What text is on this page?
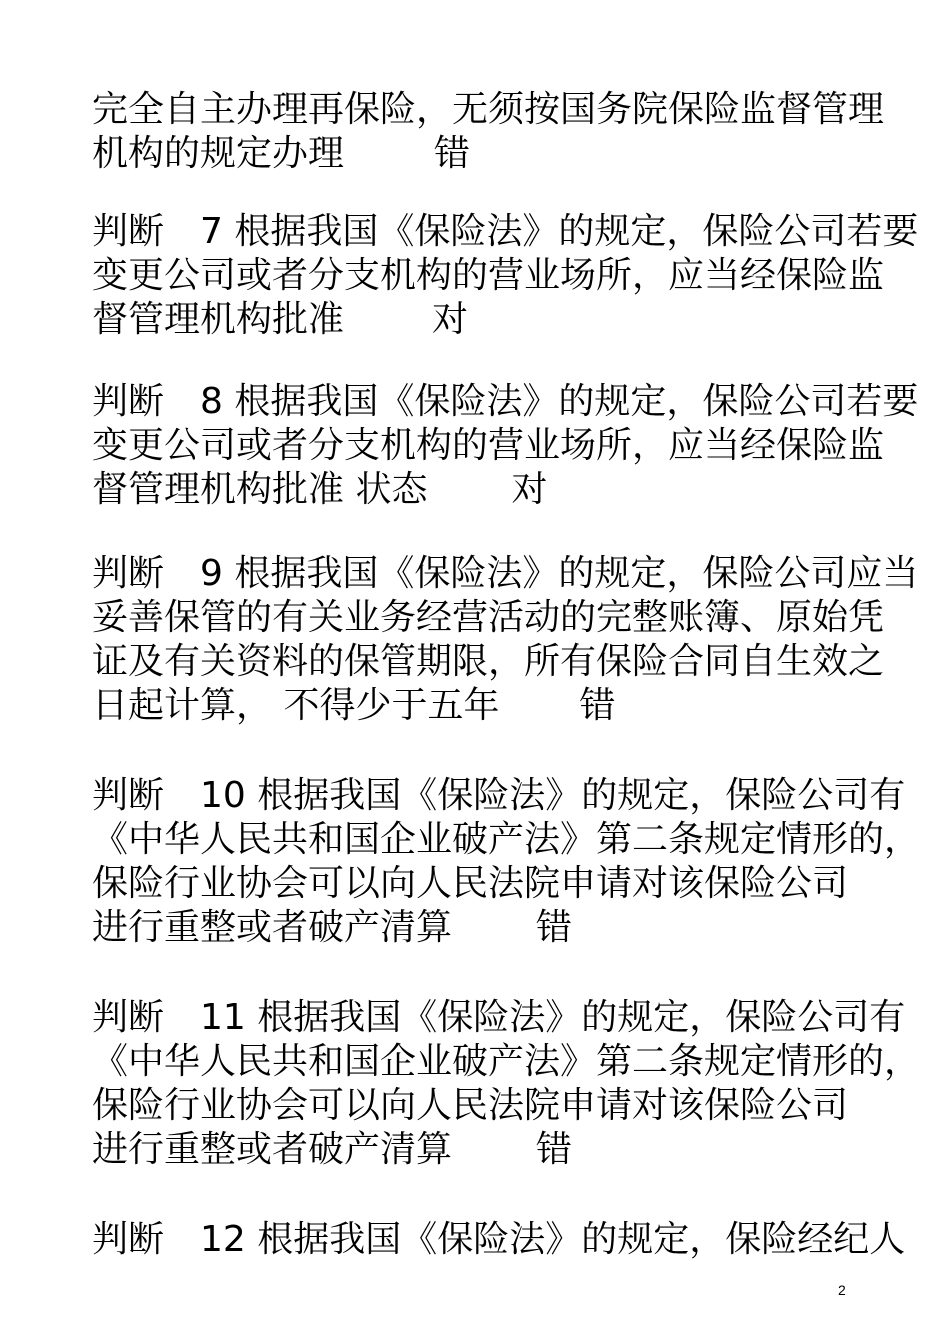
完全自主办理再保险，无须按国务院保险监督管理
机构的规定办理	错
判断　7 根据我国《保险法》的规定，保险公司若要
变更公司或者分支机构的营业场所，应当经保险监
督管理机构批准 对
判断　8 根据我国《保险法》的规定，保险公司若要
变更公司或者分支机构的营业场所，应当经保险监
督管理机构批准 状态 对
判断　9 根据我国《保险法》的规定，保险公司应当
妥善保管的有关业务经营活动的完整账簿、原始凭
证及有关资料的保管期限，所有保险合同自生效之
日起计算， 不得少于五年 错
判断　10 根据我国《保险法》的规定，保险公司有
《中华人民共和国企业破产法》第二条规定情形的，
保险行业协会可以向人民法院申请对该保险公司
进行重整或者破产清算 错
判断　11 根据我国《保险法》的规定，保险公司有
《中华人民共和国企业破产法》第二条规定情形的，
保险行业协会可以向人民法院申请对该保险公司
进行重整或者破产清算 错
判断　12 根据我国《保险法》的规定，保险经纪人
2
